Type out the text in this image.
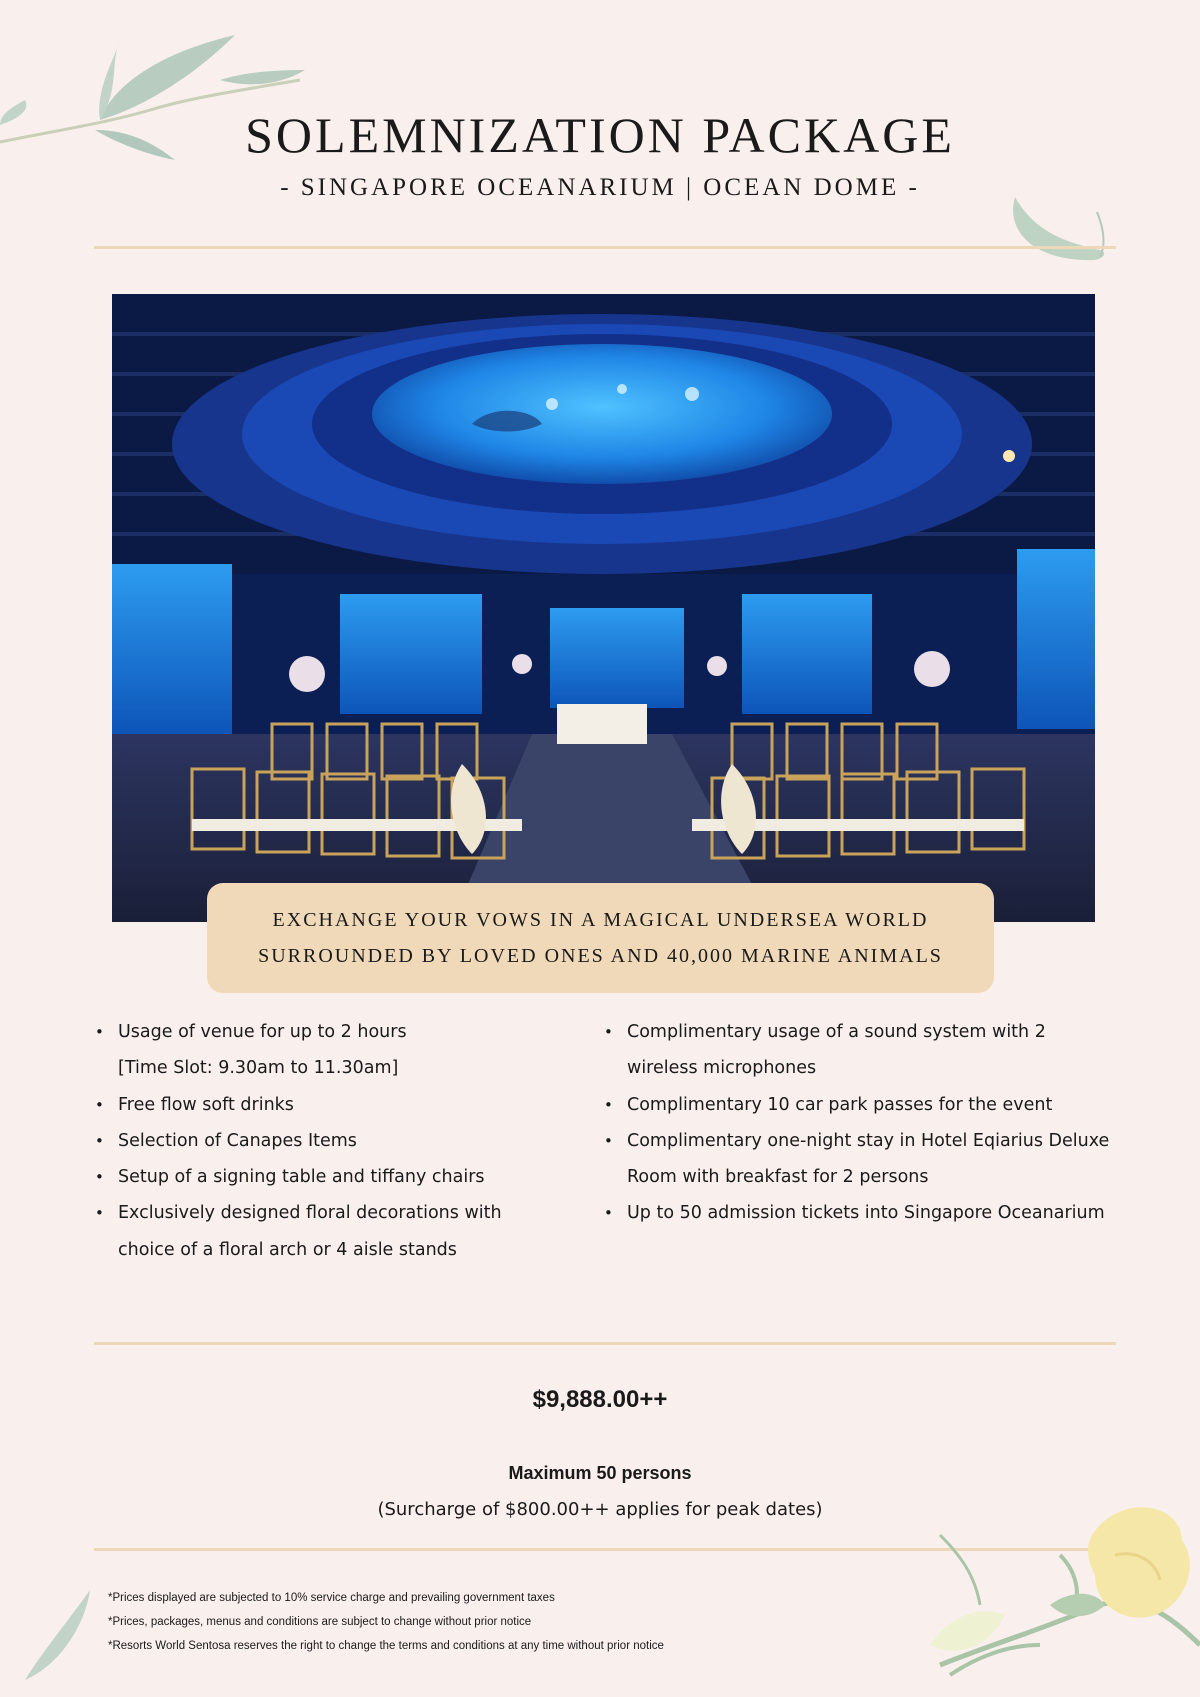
SOLEMNIZATION PACKAGE
- SINGAPORE OCEANARIUM | OCEAN DOME -
EXCHANGE YOUR VOWS IN A MAGICAL UNDERSEA WORLD
SURROUNDED BY LOVED ONES AND 40,000 MARINE ANIMALS
• Usage of venue for up to 2 hours
[Time Slot: 9.30am to 11.30am]
• Free flow soft drinks
• Selection of Canapes Items
• Setup of a signing table and tiffany chairs
• Exclusively designed floral decorations with
choice of a floral arch or 4 aisle stands
• Complimentary usage of a sound system with 2
wireless microphones
• Complimentary 10 car park passes for the event
• Complimentary one-night stay in Hotel Eqiarius Deluxe
Room with breakfast for 2 persons
• Up to 50 admission tickets into Singapore Oceanarium
$9,888.00++
Maximum 50 persons
(Surcharge of $800.00++ applies for peak dates)
*Prices displayed are subjected to 10% service charge and prevailing government taxes
*Prices, packages, menus and conditions are subject to change without prior notice
*Resorts World Sentosa reserves the right to change the terms and conditions at any time without prior notice
